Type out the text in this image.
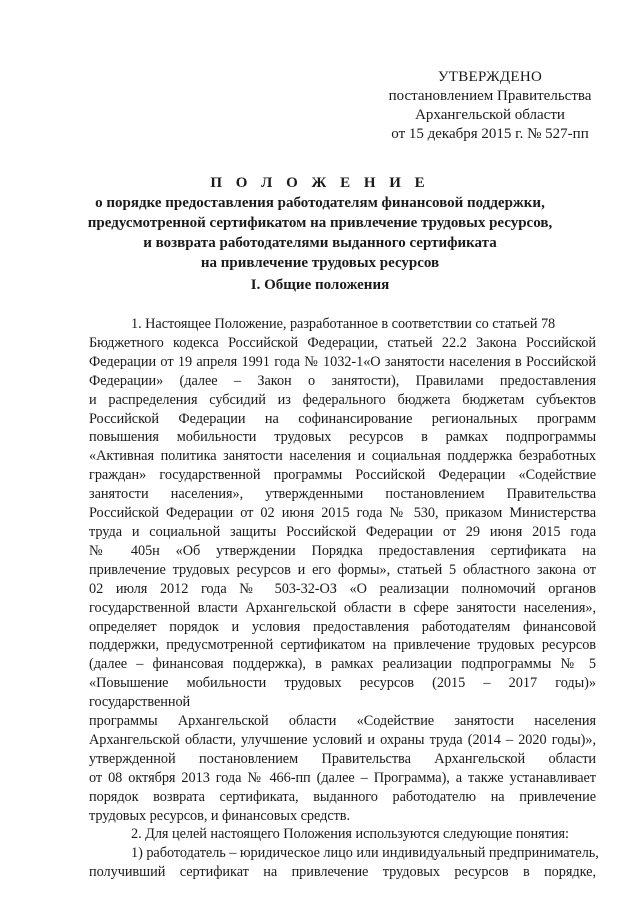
УТВЕРЖДЕНО
постановлением Правительства
Архангельской области
от 15 декабря 2015 г. № 527-пп
П О Л О Ж Е Н И Е
о порядке предоставления работодателям финансовой поддержки,
предусмотренной сертификатом на привлечение трудовых ресурсов,
и возврата работодателями выданного сертификата
на привлечение трудовых ресурсов
I. Общие положения
1. Настоящее Положение, разработанное в соответствии со статьей 78
Бюджетного кодекса Российской Федерации, статьей 22.2 Закона Российской
Федерации от 19 апреля 1991 года № 1032-1«О занятости населения в Российской
Федерации» (далее – Закон о занятости), Правилами предоставления
и распределения субсидий из федерального бюджета бюджетам субъектов
Российской Федерации на софинансирование региональных программ
повышения мобильности трудовых ресурсов в рамках подпрограммы
«Активная политика занятости населения и социальная поддержка безработных
граждан» государственной программы Российской Федерации «Содействие
занятости населения», утвержденными постановлением Правительства
Российской Федерации от 02 июня 2015 года № 530, приказом Министерства
труда и социальной защиты Российской Федерации от 29 июня 2015 года
№ 405н «Об утверждении Порядка предоставления сертификата на
привлечение трудовых ресурсов и его формы», статьей 5 областного закона от
02 июля 2012 года № 503-32-ОЗ «О реализации полномочий органов
государственной власти Архангельской области в сфере занятости населения»,
определяет порядок и условия предоставления работодателям финансовой
поддержки, предусмотренной сертификатом на привлечение трудовых ресурсов
(далее – финансовая поддержка), в рамках реализации подпрограммы № 5
«Повышение мобильности трудовых ресурсов (2015 – 2017 годы)» государственной
программы Архангельской области «Содействие занятости населения
Архангельской области, улучшение условий и охраны труда (2014 – 2020 годы)»,
утвержденной постановлением Правительства Архангельской области
от 08 октября 2013 года № 466-пп (далее – Программа), а также устанавливает
порядок возврата сертификата, выданного работодателю на привлечение
трудовых ресурсов, и финансовых средств.
2. Для целей настоящего Положения используются следующие понятия:
1) работодатель – юридическое лицо или индивидуальный предприниматель,
получивший сертификат на привлечение трудовых ресурсов в порядке,
